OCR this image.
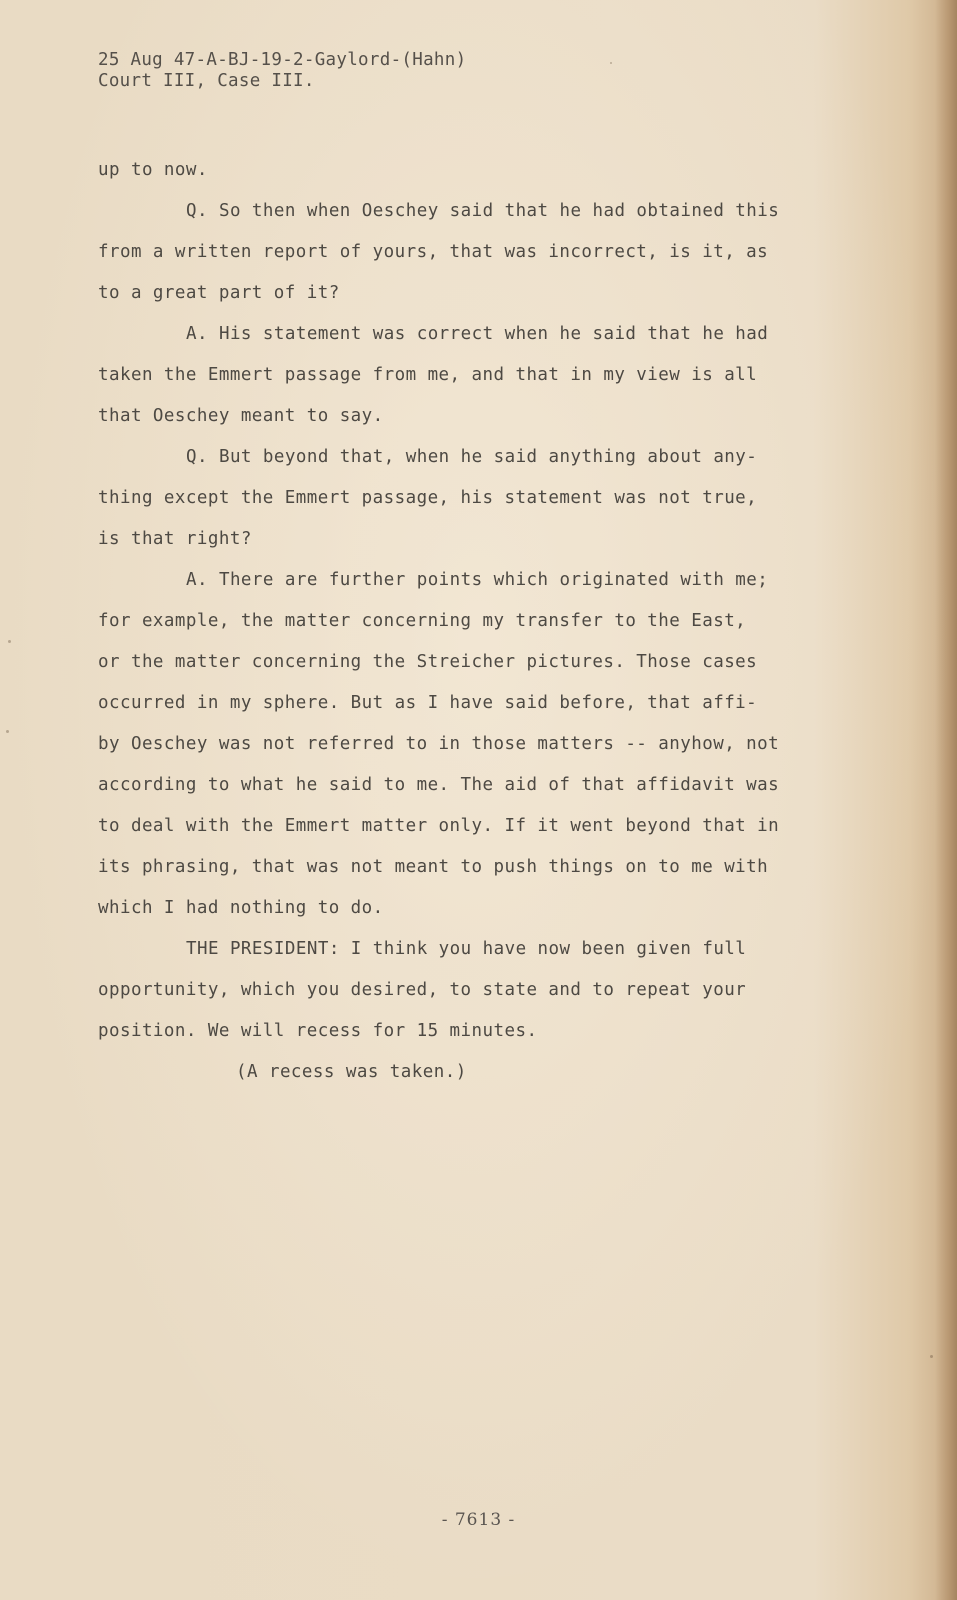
25 Aug 47-A-BJ-19-2-Gaylord-(Hahn)
Court III, Case III.
up to now.
Q. So then when Oeschey said that he had obtained this
from a written report of yours, that was incorrect, is it, as
to a great part of it?
A. His statement was correct when he said that he had
taken the Emmert passage from me, and that in my view is all
that Oeschey meant to say.
Q. But beyond that, when he said anything about any-
thing except the Emmert passage, his statement was not true,
is that right?
A. There are further points which originated with me;
for example, the matter concerning my transfer to the East,
or the matter concerning the Streicher pictures. Those cases
occurred in my sphere. But as I have said before, that affi-
by Oeschey was not referred to in those matters -- anyhow, not
according to what he said to me. The aid of that affidavit was
to deal with the Emmert matter only. If it went beyond that in
its phrasing, that was not meant to push things on to me with
which I had nothing to do.
THE PRESIDENT: I think you have now been given full
opportunity, which you desired, to state and to repeat your
position. We will recess for 15 minutes.
(A recess was taken.)
- 7613 -
